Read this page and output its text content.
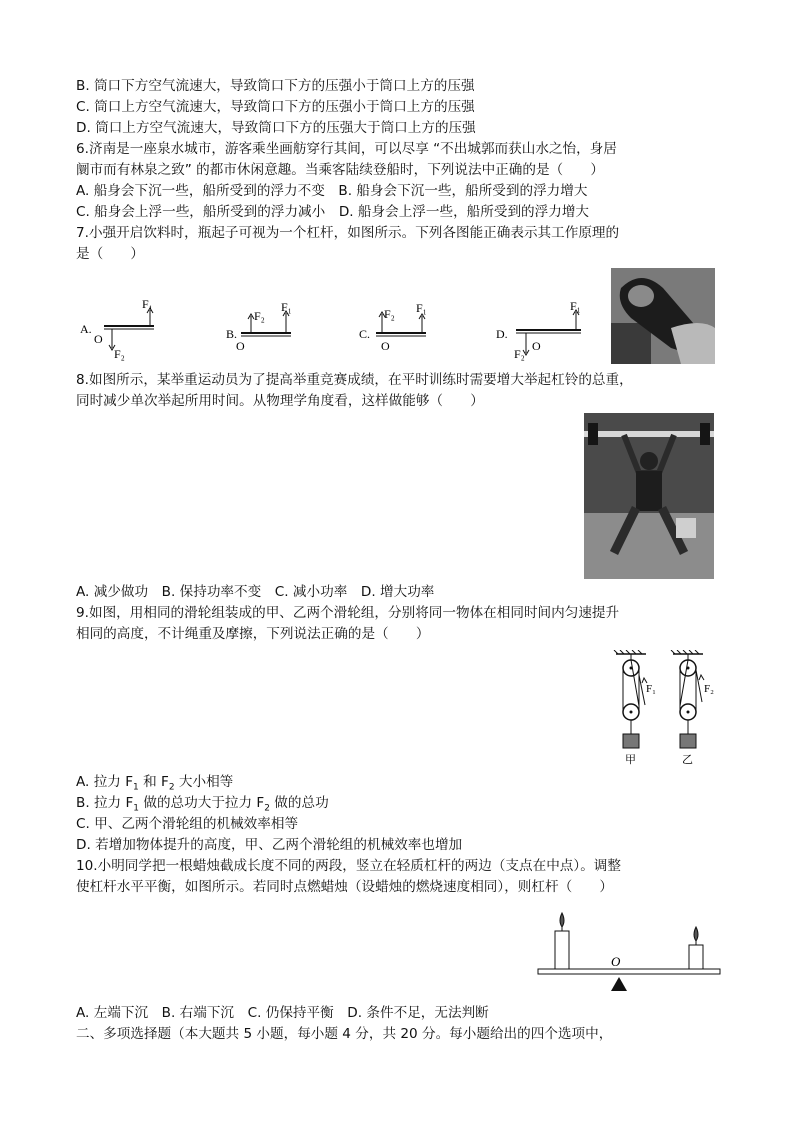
B. 筒口下方空气流速大，导致筒口下方的压强小于筒口上方的压强
C. 筒口上方空气流速大，导致筒口下方的压强小于筒口上方的压强
D. 筒口上方空气流速大，导致筒口下方的压强大于筒口上方的压强
6.济南是一座泉水城市，游客乘坐画舫穿行其间，可以尽享 “不出城郭而获山水之怡，身居
阛市而有林泉之致” 的都市休闲意趣。当乘客陆续登船时，下列说法中正确的是（　　）
A. 船身会下沉一些，船所受到的浮力不变　B. 船身会下沉一些，船所受到的浮力增大
C. 船身会上浮一些，船所受到的浮力减小　D. 船身会上浮一些，船所受到的浮力增大
7.小强开启饮料时，瓶起子可视为一个杠杆，如图所示。下列各图能正确表示其工作原理的
是（　　）
A.
F₁
F₂
O	B.
F₂
F₁
O
C.
F₂ F₁
O
D.
F₁
F₂
O
8.如图所示，某举重运动员为了提高举重竞赛成绩，在平时训练时需要增大举起杠铃的总重，
同时减少单次举起所用时间。从物理学角度看，这样做能够（　　）
A. 减少做功　B. 保持功率不变　C. 减小功率　D. 增大功率
9.如图，用相同的滑轮组装成的甲、乙两个滑轮组，分别将同一物体在相同时间内匀速提升
相同的高度，不计绳重及摩擦，下列说法正确的是（　　）
F₁
甲
F₂
乙
A. 拉力 $F_1$ 和 $F_2$ 大小相等
B. 拉力 $F_1$ 做的总功大于拉力 $F_2$ 做的总功
C. 甲、乙两个滑轮组的机械效率相等
D. 若增加物体提升的高度，甲、乙两个滑轮组的机械效率也增加
10.小明同学把一根蜡烛截成长度不同的两段，竖立在轻质杠杆的两边（支点在中点）。调整
使杠杆水平平衡，如图所示。若同时点燃蜡烛（设蜡烛的燃烧速度相同），则杠杆（　　）
O
A. 左端下沉　B. 右端下沉　C. 仍保持平衡　D. 条件不足，无法判断
二、多项选择题（本大题共 5 小题，每小题 4 分，共 20 分。每小题给出的四个选项中，
